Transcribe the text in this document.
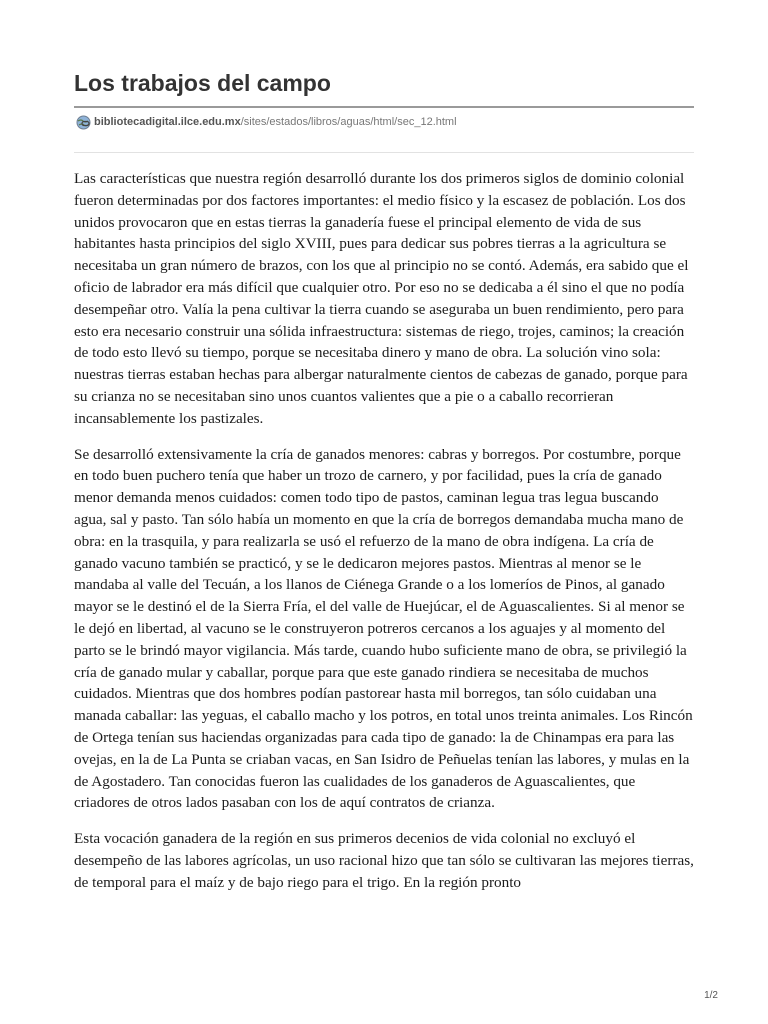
Los trabajos del campo
bibliotecadigital.ilce.edu.mx /sites/estados/libros/aguas/html/sec_12.html

Las características que nuestra región desarrolló durante los dos primeros siglos de dominio colonial fueron determinadas por dos factores importantes: el medio físico y la escasez de población. Los dos unidos provocaron que en estas tierras la ganadería fuese el principal elemento de vida de sus habitantes hasta principios del siglo XVIII, pues para dedicar sus pobres tierras a la agricultura se necesitaba un gran número de brazos, con los que al principio no se contó. Además, era sabido que el oficio de labrador era más difícil que cualquier otro. Por eso no se dedicaba a él sino el que no podía desempeñar otro. Valía la pena cultivar la tierra cuando se aseguraba un buen rendimiento, pero para esto era necesario construir una sólida infraestructura: sistemas de riego, trojes, caminos; la creación de todo esto llevó su tiempo, porque se necesitaba dinero y mano de obra. La solución vino sola: nuestras tierras estaban hechas para albergar naturalmente cientos de cabezas de ganado, porque para su crianza no se necesitaban sino unos cuantos valientes que a pie o a caballo recorrieran incansablemente los pastizales.

Se desarrolló extensivamente la cría de ganados menores: cabras y borregos. Por costumbre, porque en todo buen puchero tenía que haber un trozo de carnero, y por facilidad, pues la cría de ganado menor demanda menos cuidados: comen todo tipo de pastos, caminan legua tras legua buscando agua, sal y pasto. Tan sólo había un momento en que la cría de borregos demandaba mucha mano de obra: en la trasquila, y para realizarla se usó el refuerzo de la mano de obra indígena. La cría de ganado vacuno también se practicó, y se le dedicaron mejores pastos. Mientras al menor se le mandaba al valle del Tecuán, a los llanos de Ciénega Grande o a los lomeríos de Pinos, al ganado mayor se le destinó el de la Sierra Fría, el del valle de Huejúcar, el de Aguascalientes. Si al menor se le dejó en libertad, al vacuno se le construyeron potreros cercanos a los aguajes y al momento del parto se le brindó mayor vigilancia. Más tarde, cuando hubo suficiente mano de obra, se privilegió la cría de ganado mular y caballar, porque para que este ganado rindiera se necesitaba de muchos cuidados. Mientras que dos hombres podían pastorear hasta mil borregos, tan sólo cuidaban una manada caballar: las yeguas, el caballo macho y los potros, en total unos treinta animales. Los Rincón de Ortega tenían sus haciendas organizadas para cada tipo de ganado: la de Chinampas era para las ovejas, en la de La Punta se criaban vacas, en San Isidro de Peñuelas tenían las labores, y mulas en la de Agostadero. Tan conocidas fueron las cualidades de los ganaderos de Aguascalientes, que criadores de otros lados pasaban con los de aquí contratos de crianza.

Esta vocación ganadera de la región en sus primeros decenios de vida colonial no excluyó el desempeño de las labores agrícolas, un uso racional hizo que tan sólo se cultivaran las mejores tierras, de temporal para el maíz y de bajo riego para el trigo. En la región pronto

1/2
